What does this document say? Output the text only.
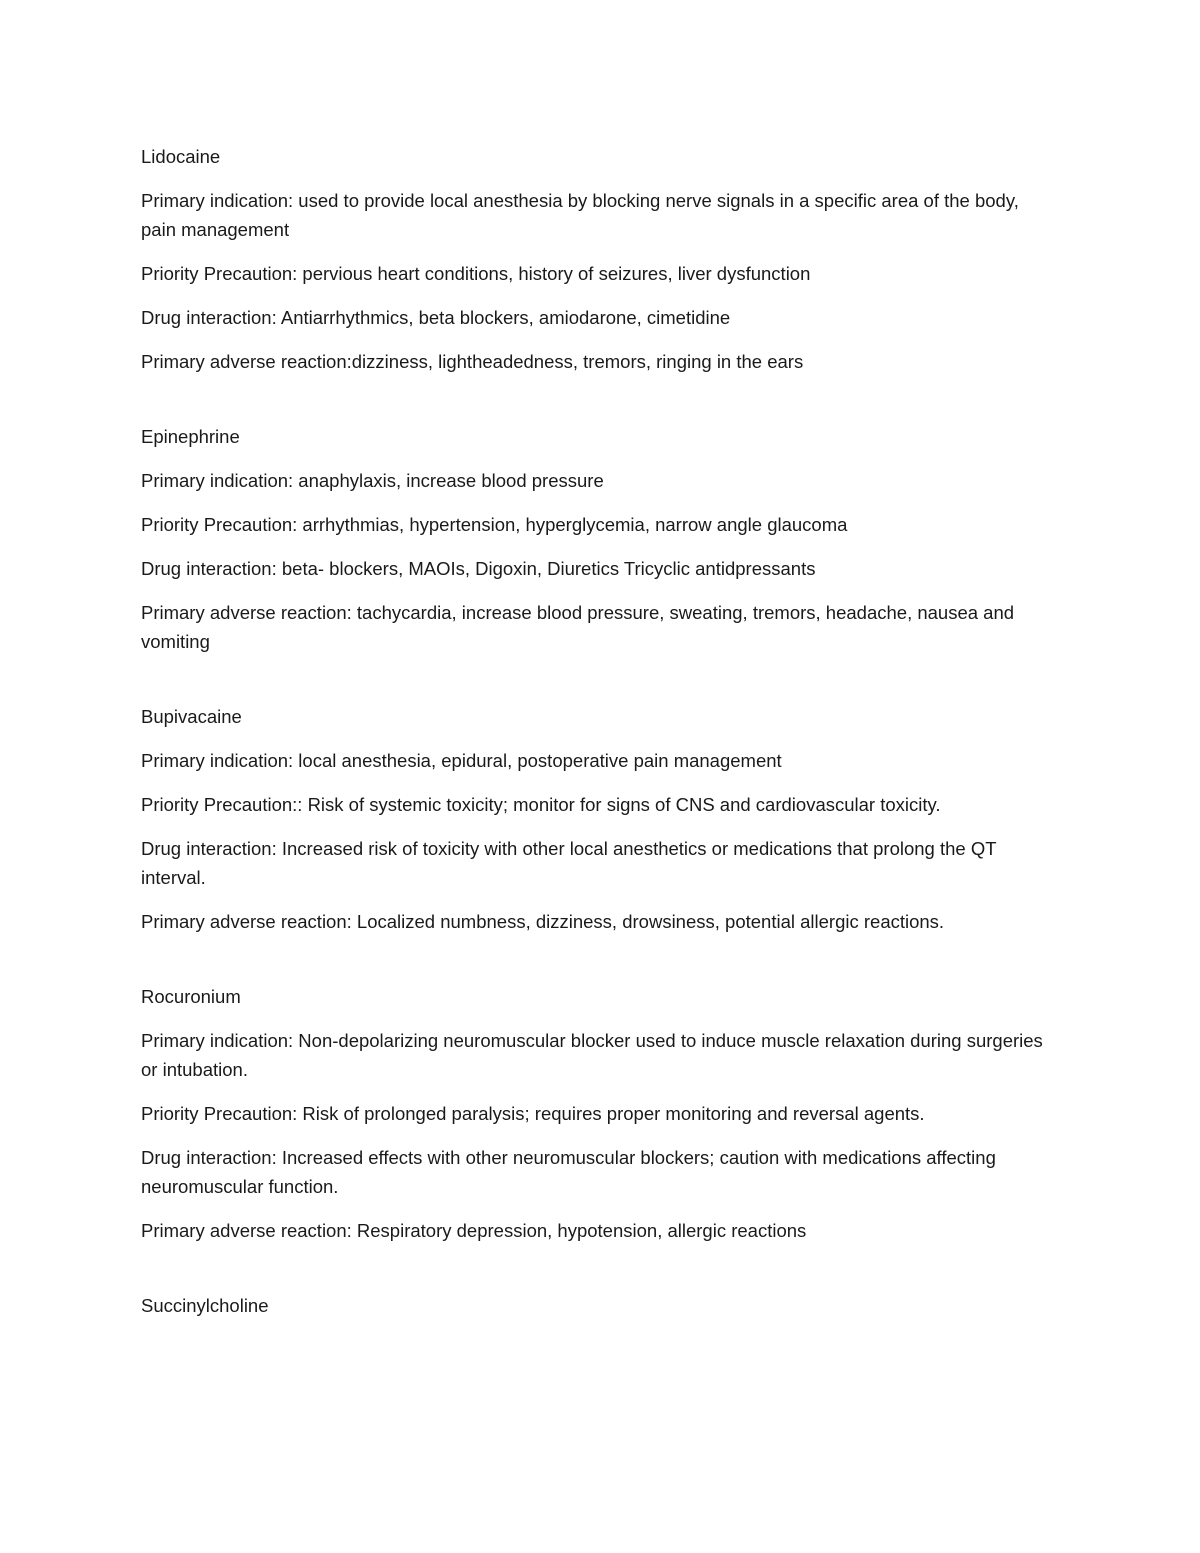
Lidocaine
Primary indication: used to provide local anesthesia by blocking nerve signals in a specific area of the body, pain management
Priority Precaution: pervious heart conditions, history of seizures, liver dysfunction
Drug interaction: Antiarrhythmics, beta blockers, amiodarone, cimetidine
Primary adverse reaction:dizziness, lightheadedness, tremors, ringing in the ears
Epinephrine
Primary indication: anaphylaxis, increase blood pressure
Priority Precaution: arrhythmias, hypertension, hyperglycemia, narrow angle glaucoma
Drug interaction: beta- blockers, MAOIs, Digoxin, Diuretics Tricyclic antidpressants
Primary adverse reaction: tachycardia, increase blood pressure, sweating, tremors, headache, nausea and vomiting
Bupivacaine
Primary indication: local anesthesia, epidural, postoperative pain management
Priority Precaution:: Risk of systemic toxicity; monitor for signs of CNS and cardiovascular toxicity.
Drug interaction: Increased risk of toxicity with other local anesthetics or medications that prolong the QT interval.
Primary adverse reaction: Localized numbness, dizziness, drowsiness, potential allergic reactions.
Rocuronium
Primary indication: Non-depolarizing neuromuscular blocker used to induce muscle relaxation during surgeries or intubation.
Priority Precaution: Risk of prolonged paralysis; requires proper monitoring and reversal agents.
Drug interaction: Increased effects with other neuromuscular blockers; caution with medications affecting neuromuscular function.
Primary adverse reaction: Respiratory depression, hypotension, allergic reactions
Succinylcholine
